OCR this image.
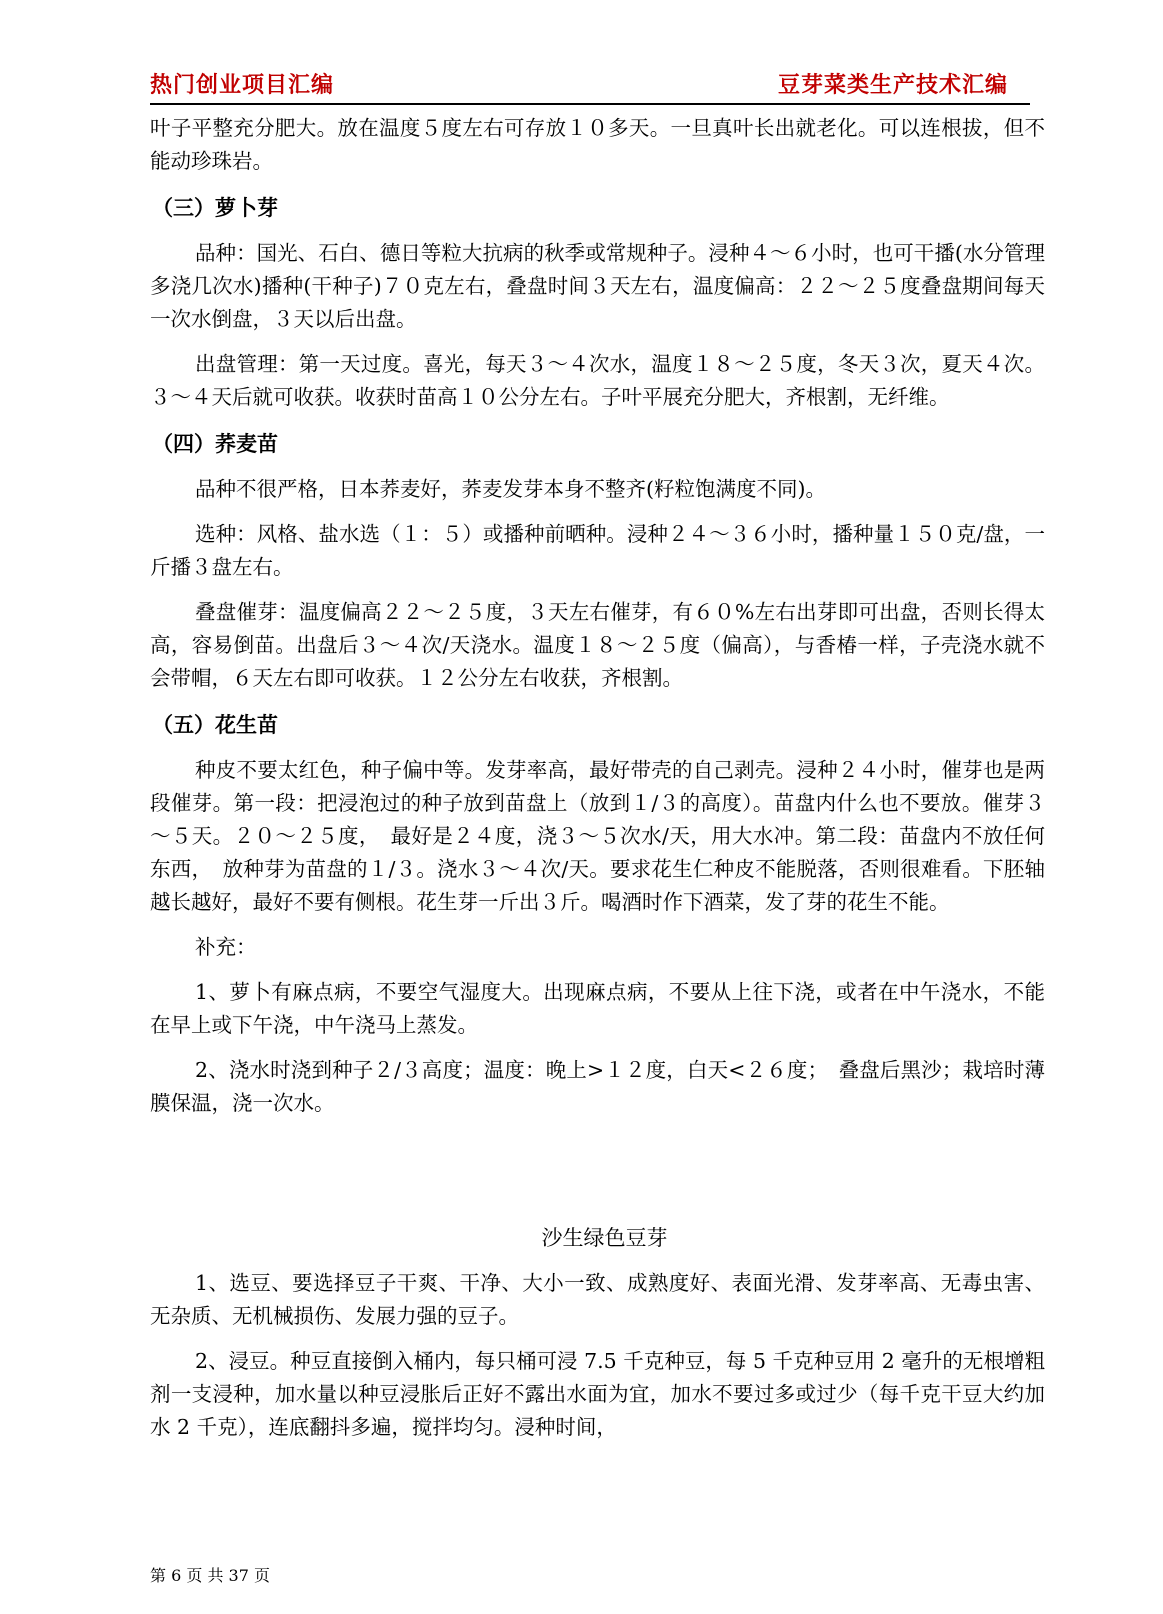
热门创业项目汇编	豆芽菜类生产技术汇编

叶子平整充分肥大。放在温度５度左右可存放１０多天。一旦真叶长出就老化。可以连根拔，但不能动珍珠岩。

（三）萝卜芽

品种：国光、石白、德日等粒大抗病的秋季或常规种子。浸种４～６小时，也可干播(水分管理多浇几次水)播种(干种子)７０克左右，叠盘时间３天左右，温度偏高：２２～２５度叠盘期间每天一次水倒盘，３天以后出盘。

出盘管理：第一天过度。喜光，每天３～４次水，温度１８～２５度，冬天３次，夏天４次。３～４天后就可收获。收获时苗高１０公分左右。子叶平展充分肥大，齐根割，无纤维。

（四）荞麦苗

品种不很严格，日本荞麦好，荞麦发芽本身不整齐(籽粒饱满度不同)。

选种：风格、盐水选（１：５）或播种前晒种。浸种２４～３６小时，播种量１５０克/盘，一斤播３盘左右。

叠盘催芽：温度偏高２２～２５度，３天左右催芽，有６０%左右出芽即可出盘，否则长得太高，容易倒苗。出盘后３～４次/天浇水。温度１８～２５度（偏高），与香椿一样，子壳浇水就不会带帽，６天左右即可收获。１２公分左右收获，齐根割。

（五）花生苗

种皮不要太红色，种子偏中等。发芽率高，最好带壳的自己剥壳。浸种２４小时，催芽也是两段催芽。第一段：把浸泡过的种子放到苗盘上（放到１/３的高度）。苗盘内什么也不要放。催芽３～５天。２０～２５度，　最好是２４度，浇３～５次水/天，用大水冲。第二段：苗盘内不放任何东西，　放种芽为苗盘的１/３。浇水３～４次/天。要求花生仁种皮不能脱落，否则很难看。下胚轴越长越好，最好不要有侧根。花生芽一斤出３斤。喝酒时作下酒菜，发了芽的花生不能。

补充：

1、萝卜有麻点病，不要空气湿度大。出现麻点病，不要从上往下浇，或者在中午浇水，不能在早上或下午浇，中午浇马上蒸发。

2、浇水时浇到种子２/３高度；温度：晚上>１２度，白天<２６度；　叠盘后黑沙；栽培时薄膜保温，浇一次水。

沙生绿色豆芽

1、选豆、要选择豆子干爽、干净、大小一致、成熟度好、表面光滑、发芽率高、无毒虫害、无杂质、无机械损伤、发展力强的豆子。

2、浸豆。种豆直接倒入桶内，每只桶可浸 7.5 千克种豆，每 5 千克种豆用 2 毫升的无根增粗剂一支浸种，加水量以种豆浸胀后正好不露出水面为宜，加水不要过多或过少（每千克干豆大约加水 2 千克），连底翻抖多遍，搅拌均匀。浸种时间，

第 6 页 共 37 页
